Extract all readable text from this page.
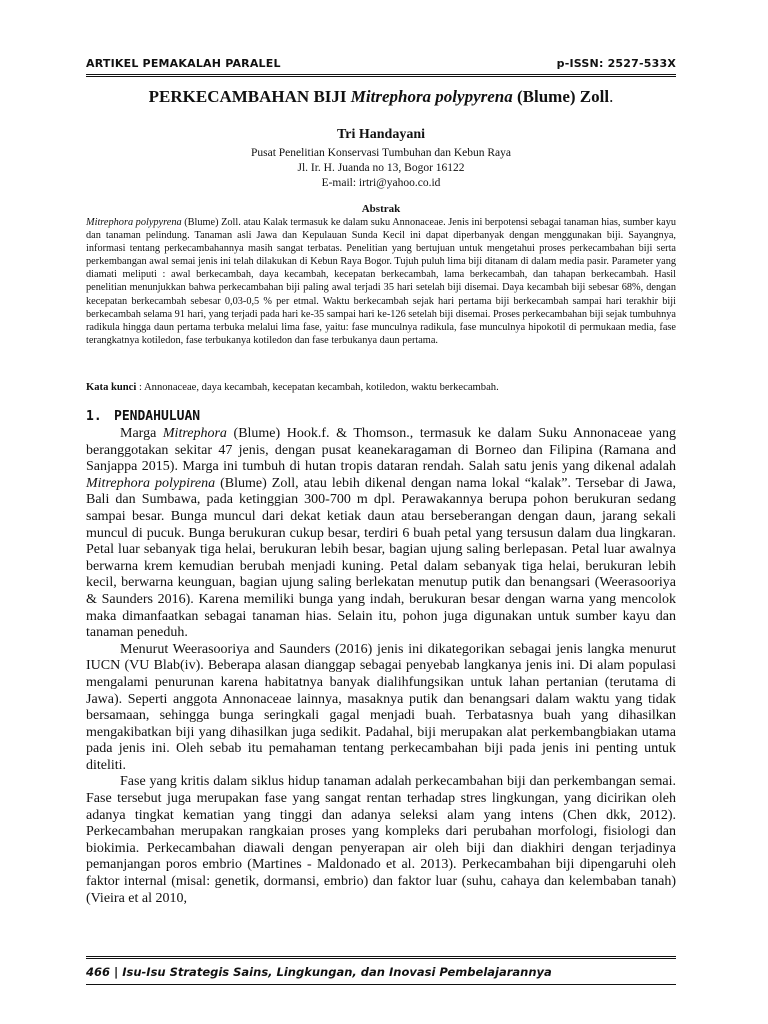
ARTIKEL PEMAKALAH PARALEL	p-ISSN: 2527-533X
PERKECAMBAHAN BIJI Mitrephora polypyrena (Blume) Zoll.
Tri Handayani
Pusat Penelitian Konservasi Tumbuhan dan Kebun Raya
Jl. Ir. H. Juanda no 13, Bogor 16122
E-mail: irtri@yahoo.co.id
Abstrak

Mitrephora polypyrena (Blume) Zoll. atau Kalak termasuk ke dalam suku Annonaceae. Jenis ini berpotensi sebagai tanaman hias, sumber kayu dan tanaman pelindung. Tanaman asli Jawa dan Kepulauan Sunda Kecil ini dapat diperbanyak dengan menggunakan biji. Sayangnya, informasi tentang perkecambahannya masih sangat terbatas. Penelitian yang bertujuan untuk mengetahui proses perkecambahan biji serta perkembangan awal semai jenis ini telah dilakukan di Kebun Raya Bogor. Tujuh puluh lima biji ditanam di dalam media pasir. Parameter yang diamati meliputi : awal berkecambah, daya kecambah, kecepatan berkecambah, lama berkecambah, dan tahapan berkecambah. Hasil penelitian menunjukkan bahwa perkecambahan biji paling awal terjadi 35 hari setelah biji disemai. Daya kecambah biji sebesar 68%, dengan kecepatan berkecambah sebesar 0,03-0,5 % per etmal. Waktu berkecambah sejak hari pertama biji berkecambah sampai hari terakhir biji berkecambah selama 91 hari, yang terjadi pada hari ke-35 sampai hari ke-126 setelah biji disemai. Proses perkecambahan biji sejak tumbuhnya radikula hingga daun pertama terbuka melalui lima fase, yaitu: fase munculnya radikula, fase munculnya hipokotil di permukaan media, fase terangkatnya kotiledon, fase terbukanya kotiledon dan fase terbukanya daun pertama.

Kata kunci : Annonaceae, daya kecambah, kecepatan kecambah, kotiledon, waktu berkecambah.

1. PENDAHULUAN

Marga Mitrephora (Blume) Hook.f. & Thomson., termasuk ke dalam Suku Annonaceae yang beranggotakan sekitar 47 jenis, dengan pusat keanekaragaman di Borneo dan Filipina (Ramana and Sanjappa 2015). Marga ini tumbuh di hutan tropis dataran rendah. Salah satu jenis yang dikenal adalah Mitrephora polypirena (Blume) Zoll, atau lebih dikenal dengan nama lokal “kalak”. Tersebar di Jawa, Bali dan Sumbawa, pada ketinggian 300-700 m dpl. Perawakannya berupa pohon berukuran sedang sampai besar. Bunga muncul dari dekat ketiak daun atau berseberangan dengan daun, jarang sekali muncul di pucuk. Bunga berukuran cukup besar, terdiri 6 buah petal yang tersusun dalam dua lingkaran. Petal luar sebanyak tiga helai, berukuran lebih besar, bagian ujung saling berlepasan. Petal luar awalnya berwarna krem kemudian berubah menjadi kuning. Petal dalam sebanyak tiga helai, berukuran lebih kecil, berwarna keunguan, bagian ujung saling berlekatan menutup putik dan benangsari (Weerasooriya & Saunders 2016). Karena memiliki bunga yang indah, berukuran besar dengan warna yang mencolok maka dimanfaatkan sebagai tanaman hias. Selain itu, pohon juga digunakan untuk sumber kayu dan tanaman peneduh.

Menurut Weerasooriya and Saunders (2016) jenis ini dikategorikan sebagai jenis langka menurut IUCN (VU Blab(iv). Beberapa alasan dianggap sebagai penyebab langkanya jenis ini. Di alam populasi mengalami penurunan karena habitatnya banyak dialihfungsikan untuk lahan pertanian (terutama di Jawa). Seperti anggota Annonaceae lainnya, masaknya putik dan benangsari dalam waktu yang tidak bersamaan, sehingga bunga seringkali gagal menjadi buah. Terbatasnya buah yang dihasilkan mengakibatkan biji yang dihasilkan juga sedikit. Padahal, biji merupakan alat perkembangbiakan utama pada jenis ini. Oleh sebab itu pemahaman tentang perkecambahan biji pada jenis ini penting untuk diteliti.

Fase yang kritis dalam siklus hidup tanaman adalah perkecambahan biji dan perkembangan semai. Fase tersebut juga merupakan fase yang sangat rentan terhadap stres lingkungan, yang dicirikan oleh adanya tingkat kematian yang tinggi dan adanya seleksi alam yang intens (Chen dkk, 2012). Perkecambahan merupakan rangkaian proses yang kompleks dari perubahan morfologi, fisiologi dan biokimia. Perkecambahan diawali dengan penyerapan air oleh biji dan diakhiri dengan terjadinya pemanjangan poros embrio (Martines - Maldonado et al. 2013). Perkecambahan biji dipengaruhi oleh faktor internal (misal: genetik, dormansi, embrio) dan faktor luar (suhu, cahaya dan kelembaban tanah) (Vieira et al 2010,

466 | Isu-Isu Strategis Sains, Lingkungan, dan Inovasi Pembelajarannya
